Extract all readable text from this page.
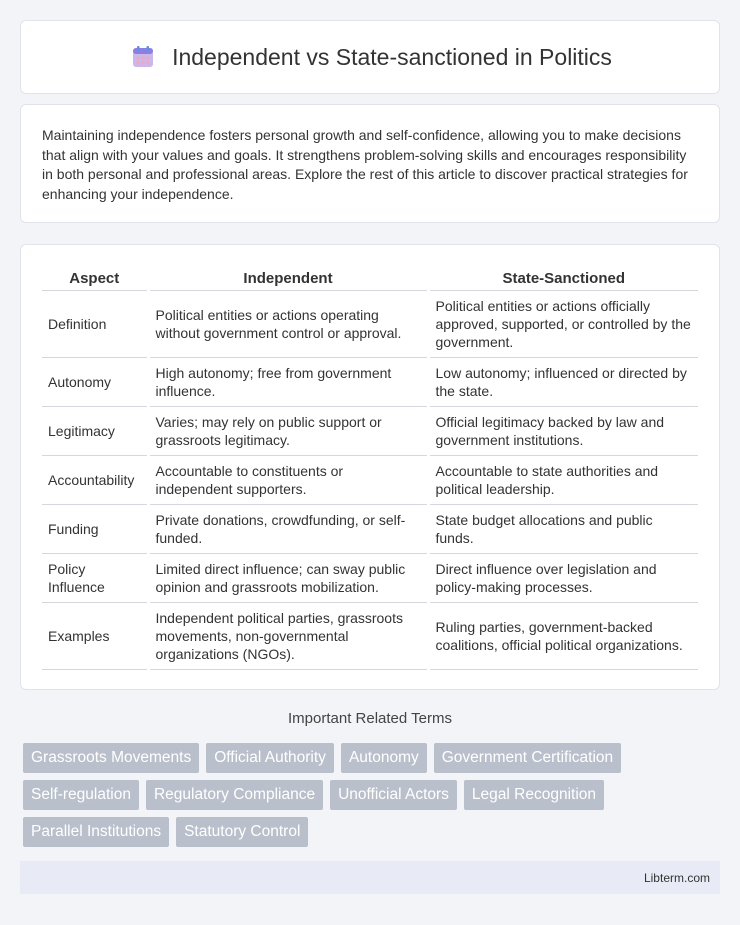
Independent vs State-sanctioned in Politics

Maintaining independence fosters personal growth and self-confidence, allowing you to make decisions that align with your values and goals. It strengthens problem-solving skills and encourages responsibility in both personal and professional areas. Explore the rest of this article to discover practical strategies for enhancing your independence.

Aspect	Independent	State-Sanctioned
Definition	Political entities or actions operating without government control or approval.	Political entities or actions officially approved, supported, or controlled by the government.
Autonomy	High autonomy; free from government influence.	Low autonomy; influenced or directed by the state.
Legitimacy	Varies; may rely on public support or grassroots legitimacy.	Official legitimacy backed by law and government institutions.
Accountability	Accountable to constituents or independent supporters.	Accountable to state authorities and political leadership.
Funding	Private donations, crowdfunding, or self-funded.	State budget allocations and public funds.
Policy Influence	Limited direct influence; can sway public opinion and grassroots mobilization.	Direct influence over legislation and policy-making processes.
Examples	Independent political parties, grassroots movements, non-governmental organizations (NGOs).	Ruling parties, government-backed coalitions, official political organizations.
Important Related Terms
Grassroots Movements	Official Authority	Autonomy	Government Certification
Self-regulation	Regulatory Compliance	Unofficial Actors	Legal Recognition
Parallel Institutions	Statutory Control
Libterm.com
